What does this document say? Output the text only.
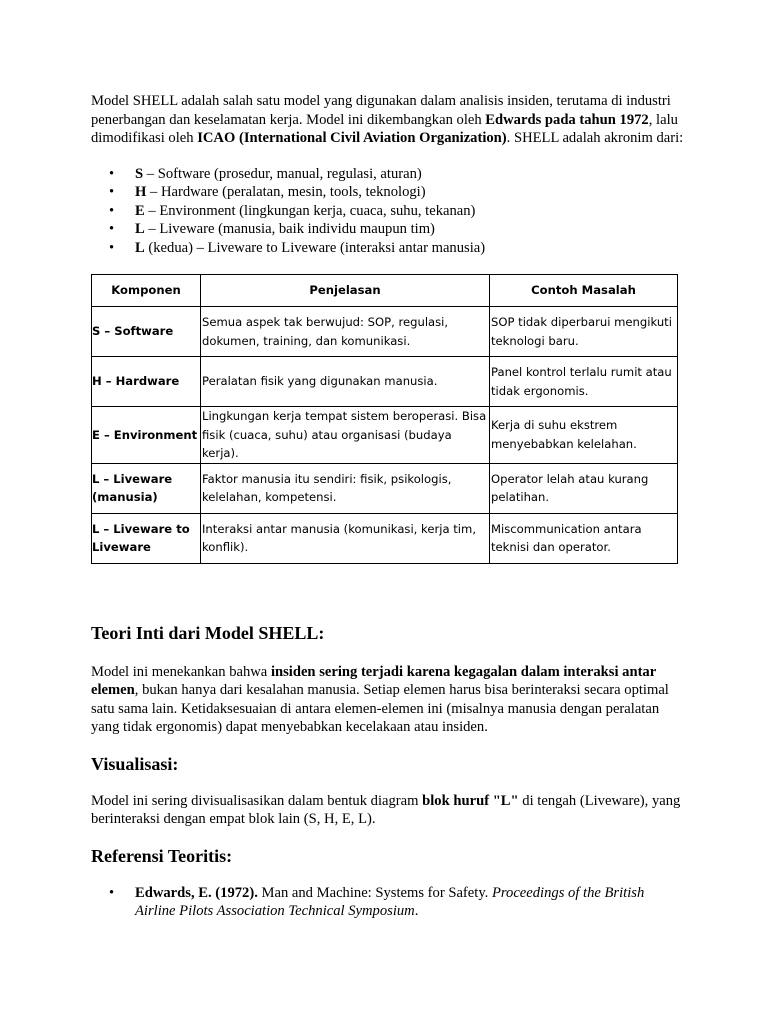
Model SHELL adalah salah satu model yang digunakan dalam analisis insiden, terutama di industri penerbangan dan keselamatan kerja. Model ini dikembangkan oleh Edwards pada tahun 1972, lalu dimodifikasi oleh ICAO (International Civil Aviation Organization). SHELL adalah akronim dari:

• S – Software (prosedur, manual, regulasi, aturan)
• H – Hardware (peralatan, mesin, tools, teknologi)
• E – Environment (lingkungan kerja, cuaca, suhu, tekanan)
• L – Liveware (manusia, baik individu maupun tim)
• L (kedua) – Liveware to Liveware (interaksi antar manusia)
Komponen	Penjelasan	Contoh Masalah
S – Software	Semua aspek tak berwujud: SOP, regulasi, dokumen, training, dan komunikasi.	SOP tidak diperbarui mengikuti teknologi baru.
H – Hardware	Peralatan fisik yang digunakan manusia.	Panel kontrol terlalu rumit atau tidak ergonomis.
E – Environment	Lingkungan kerja tempat sistem beroperasi. Bisa fisik (cuaca, suhu) atau organisasi (budaya kerja).	Kerja di suhu ekstrem menyebabkan kelelahan.
L – Liveware (manusia)	Faktor manusia itu sendiri: fisik, psikologis, kelelahan, kompetensi.	Operator lelah atau kurang pelatihan.
L – Liveware to Liveware	Interaksi antar manusia (komunikasi, kerja tim, konflik).	Miscommunication antara teknisi dan operator.
Teori Inti dari Model SHELL:

Model ini menekankan bahwa insiden sering terjadi karena kegagalan dalam interaksi antar elemen, bukan hanya dari kesalahan manusia. Setiap elemen harus bisa berinteraksi secara optimal satu sama lain. Ketidaksesuaian di antara elemen-elemen ini (misalnya manusia dengan peralatan yang tidak ergonomis) dapat menyebabkan kecelakaan atau insiden.

Visualisasi:

Model ini sering divisualisasikan dalam bentuk diagram blok huruf "L" di tengah (Liveware), yang berinteraksi dengan empat blok lain (S, H, E, L).

Referensi Teoritis:
• Edwards, E. (1972). Man and Machine: Systems for Safety. Proceedings of the British Airline Pilots Association Technical Symposium.
